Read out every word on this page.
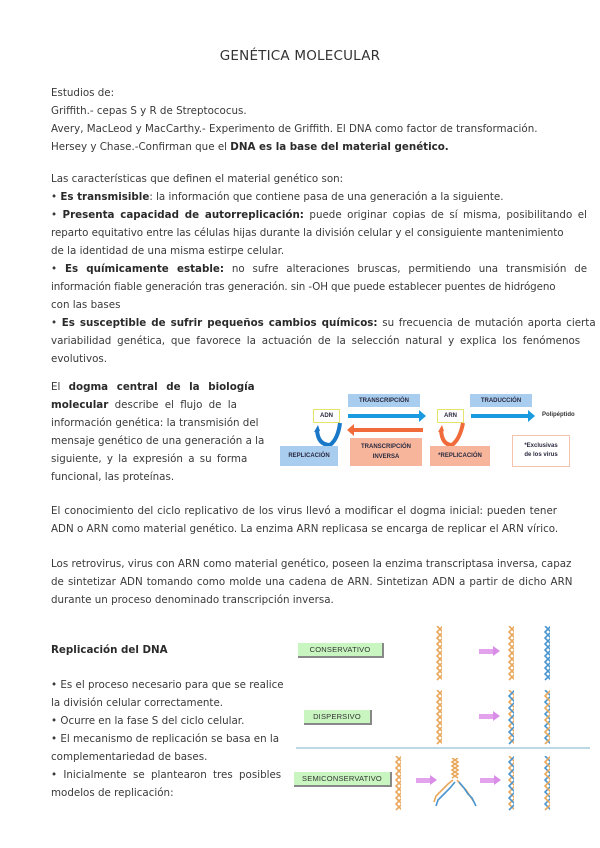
GENÉTICA MOLECULAR
Estudios de:
Griffith.- cepas S y R de Streptococus.
Avery, MacLeod y MacCarthy.- Experimento de Griffith. El DNA como factor de transformación.
Hersey y Chase.-Confirman que el DNA es la base del material genético.
Las características que definen el material genético son:
• Es transmisible: la información que contiene pasa de una generación a la siguiente.
• Presenta capacidad de autorreplicación: puede originar copias de sí misma, posibilitando el
reparto equitativo entre las células hijas durante la división celular y el consiguiente mantenimiento
de la identidad de una misma estirpe celular.
• Es químicamente estable: no sufre alteraciones bruscas, permitiendo una transmisión de
información fiable generación tras generación. sin -OH que puede establecer puentes de hidrógeno
con las bases
• Es susceptible de sufrir pequeños cambios químicos: su frecuencia de mutación aporta cierta
variabilidad genética, que favorece la actuación de la selección natural y explica los fenómenos
evolutivos.
El dogma central de la biología
molecular describe el flujo de la
información genética: la transmisión del
mensaje genético de una generación a la
siguiente, y la expresión a su forma
funcional, las proteínas.
TRANSCRIPCIÓN	TRADUCCIÓN
ADN	ARN	Polipéptido
REPLICACIÓN
TRANSCRIPCIÓN
INVERSA	*REPLICACIÓN
*Exclusivas
de los virus
El conocimiento del ciclo replicativo de los virus llevó a modificar el dogma inicial: pueden tener
ADN o ARN como material genético. La enzima ARN replicasa se encarga de replicar el ARN vírico.
Los retrovirus, virus con ARN como material genético, poseen la enzima transcriptasa inversa, capaz
de sintetizar ADN tomando como molde una cadena de ARN. Sintetizan ADN a partir de dicho ARN
durante un proceso denominado transcripción inversa.
Replicación del DNA
• Es el proceso necesario para que se realice
la división celular correctamente.
• Ocurre en la fase S del ciclo celular.
• El mecanismo de replicación se basa en la
complementariedad de bases.
• Inicialmente se plantearon tres posibles
modelos de replicación:
CONSERVATIVO
DISPERSIVO
SEMICONSERVATIVO
